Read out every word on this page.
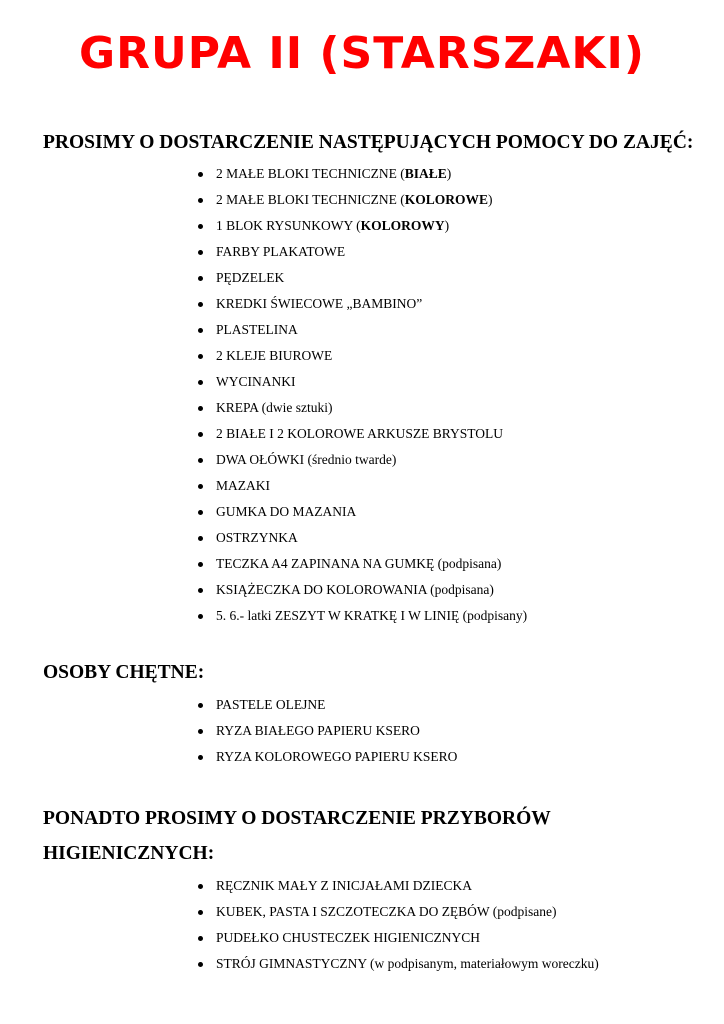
GRUPA II (STARSZAKI)
PROSIMY O DOSTARCZENIE NASTĘPUJĄCYCH POMOCY DO ZAJĘĆ:
2 MAŁE BLOKI TECHNICZNE (BIAŁE)
2 MAŁE BLOKI TECHNICZNE (KOLOROWE)
1 BLOK RYSUNKOWY (KOLOROWY)
FARBY PLAKATOWE
PĘDZELEK
KREDKI ŚWIECOWE „BAMBINO”
PLASTELINA
2 KLEJE BIUROWE
WYCINANKI
KREPA (dwie sztuki)
2 BIAŁE I 2 KOLOROWE ARKUSZE BRYSTOLU
DWA OŁÓWKI (średnio twarde)
MAZAKI
GUMKA DO MAZANIA
OSTRZYNKA
TECZKA A4 ZAPINANA NA GUMKĘ (podpisana)
KSIĄŻECZKA DO KOLOROWANIA (podpisana)
5. 6.- latki ZESZYT W KRATKĘ I W LINIĘ (podpisany)
OSOBY CHĘTNE:
PASTELE OLEJNE
RYZA BIAŁEGO PAPIERU KSERO
RYZA KOLOROWEGO PAPIERU KSERO
PONADTO PROSIMY O DOSTARCZENIE PRZYBORÓW
HIGIENICZNYCH:
RĘCZNIK MAŁY Z INICJAŁAMI DZIECKA
KUBEK, PASTA I SZCZOTECZKA DO ZĘBÓW (podpisane)
PUDEŁKO CHUSTECZEK HIGIENICZNYCH
STRÓJ GIMNASTYCZNY (w podpisanym, materiałowym woreczku)
